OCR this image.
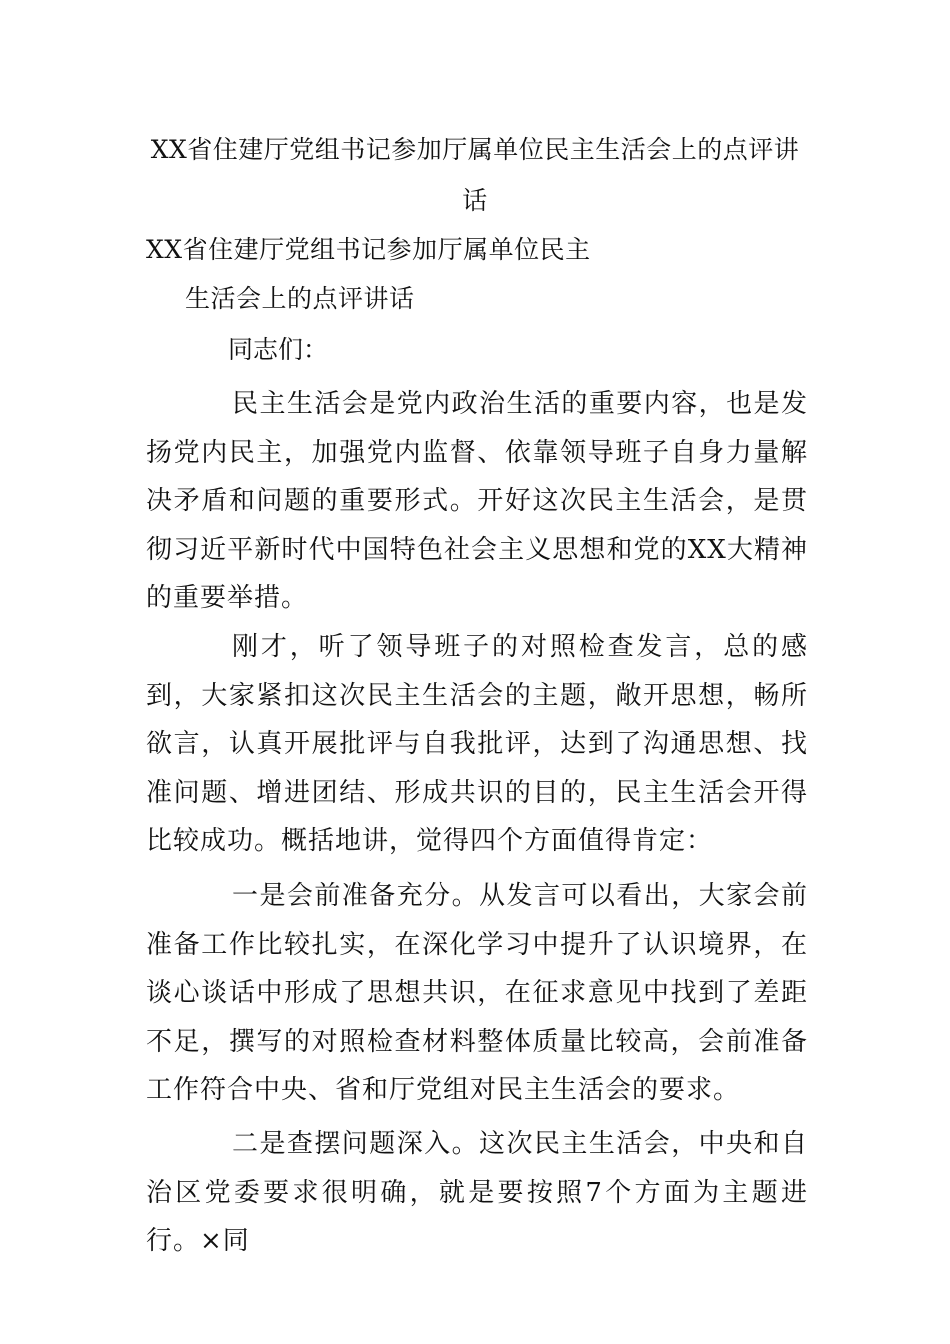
XX省住建厅党组书记参加厅属单位民主生活会上的点评讲
话
XX省住建厅党组书记参加厅属单位民主
生活会上的点评讲话
同志们：

民主生活会是党内政治生活的重要内容，也是发扬党内民主，加强党内监督、依靠领导班子自身力量解决矛盾和问题的重要形式。开好这次民主生活会，是贯彻习近平新时代中国特色社会主义思想和党的XX大精神的重要举措。

刚才，听了领导班子的对照检查发言，总的感到，大家紧扣这次民主生活会的主题，敞开思想，畅所欲言，认真开展批评与自我批评，达到了沟通思想、找准问题、增进团结、形成共识的目的，民主生活会开得比较成功。概括地讲，觉得四个方面值得肯定：

一是会前准备充分。从发言可以看出，大家会前准备工作比较扎实，在深化学习中提升了认识境界，在谈心谈话中形成了思想共识，在征求意见中找到了差距不足，撰写的对照检查材料整体质量比较高，会前准备工作符合中央、省和厅党组对民主生活会的要求。

二是查摆问题深入。这次民主生活会，中央和自治区党委要求很明确，就是要按照7个方面为主题进行。×同
